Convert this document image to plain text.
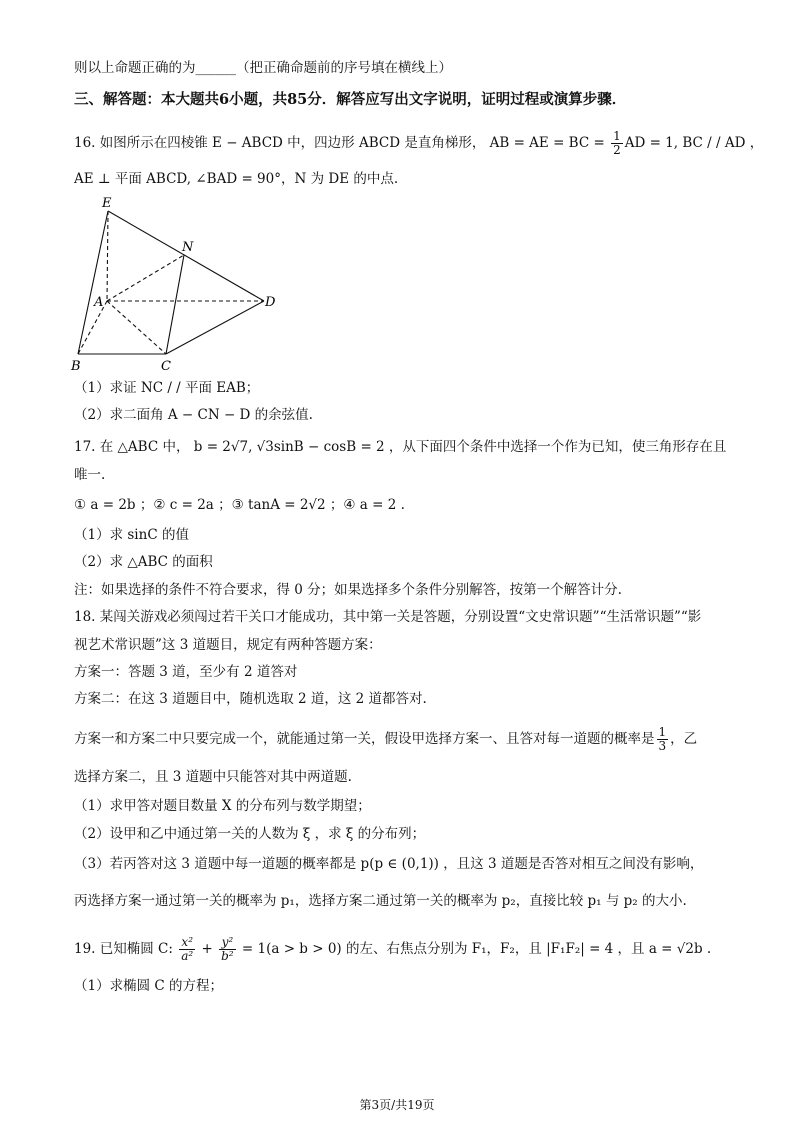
则以上命题正确的为______（把正确命题前的序号填在横线上）
三、解答题：本大题共6小题，共85分．解答应写出文字说明，证明过程或演算步骤．
16. 如图所示在四棱锥 E − ABCD 中，四边形 ABCD 是直角梯形， AB = AE = BC = $\frac{1}{2}$ AD = 1, BC / / AD ，
AE ⊥ 平面 ABCD, ∠BAD = 90°，N 为 DE 的中点.
E
N
A	D
B	C
（1）求证 NC / / 平面 EAB；
（2）求二面角 A − CN − D 的余弦值.
17. 在 △ABC 中， b = 2√7, √3sinB − cosB = 2 ，从下面四个条件中选择一个作为已知，使三角形存在且
唯一.
① a = 2b ；② c = 2a ；③ tanA = 2√2 ；④ a = 2 .
（1）求 sinC 的值
（2）求 △ABC 的面积
注：如果选择的条件不符合要求，得 0 分；如果选择多个条件分别解答，按第一个解答计分.
18. 某闯关游戏必须闯过若干关口才能成功，其中第一关是答题，分别设置“文史常识题”“生活常识题”“影
视艺术常识题”这 3 道题目，规定有两种答题方案：
方案一：答题 3 道，至少有 2 道答对
方案二：在这 3 道题目中，随机选取 2 道，这 2 道都答对.
方案一和方案二中只要完成一个，就能通过第一关，假设甲选择方案一、且答对每一道题的概率是 $\frac{1}{3}$ ，乙
选择方案二，且 3 道题中只能答对其中两道题.
（1）求甲答对题目数量 X 的分布列与数学期望；
（2）设甲和乙中通过第一关的人数为 ξ ，求 ξ 的分布列；
（3）若丙答对这 3 道题中每一道题的概率都是 p(p ∈ (0,1)) ，且这 3 道题是否答对相互之间没有影响，
丙选择方案一通过第一关的概率为 p₁，选择方案二通过第一关的概率为 p₂，直接比较 p₁ 与 p₂ 的大小.
19. 已知椭圆 C: $\frac{\text{x²}}{\text{a²}} + \frac{\text{y²}}{\text{b²}} = 1(a > b > 0)$ 的左、右焦点分别为 F₁，F₂，且 |F₁F₂| = 4 ，且 a = √2b .
（1）求椭圆 C 的方程；
第3页/共19页
